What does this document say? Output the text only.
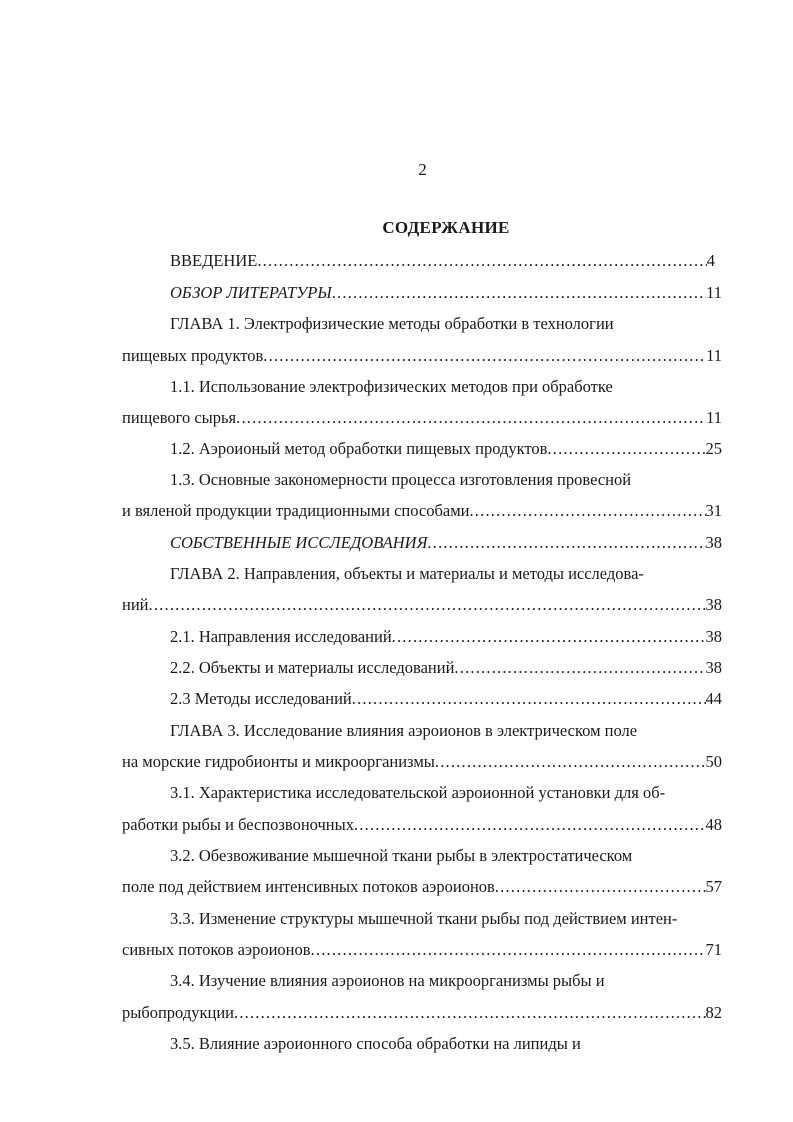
2
СОДЕРЖАНИЕ
ВВЕДЕНИЕ .....	4
ОБЗОР ЛИТЕРАТУРЫ .....	11
ГЛАВА 1. Электрофизические методы обработки в технологии
пищевых продуктов .....	11
1.1. Использование электрофизических методов при обработке
пищевого сырья .....	11
1.2. Аэроионый метод обработки пищевых продуктов .....	25
1.3. Основные закономерности процесса изготовления провесной
и вяленой продукции традиционными способами .....	31
СОБСТВЕННЫЕ ИССЛЕДОВАНИЯ .....	38
ГЛАВА 2. Направления, объекты и материалы и методы исследова-
ний .....	38
2.1. Направления исследований .....	38
2.2. Объекты и материалы исследований .....	38
2.3 Методы исследований .....	44
ГЛАВА 3. Исследование влияния аэроионов в электрическом поле
на морские гидробионты и микроорганизмы .....	50
3.1. Характеристика исследовательской аэроионной установки для об-
работки рыбы и беспозвоночных .....	48
3.2. Обезвоживание мышечной ткани рыбы в электростатическом
поле под действием интенсивных потоков аэроионов .....	57
3.3. Изменение структуры мышечной ткани рыбы под действием интен-
сивных потоков аэроионов .....	71
3.4. Изучение влияния аэроионов на микроорганизмы рыбы и
рыбопродукции .....	82
3.5. Влияние аэроионного способа обработки на липиды и
